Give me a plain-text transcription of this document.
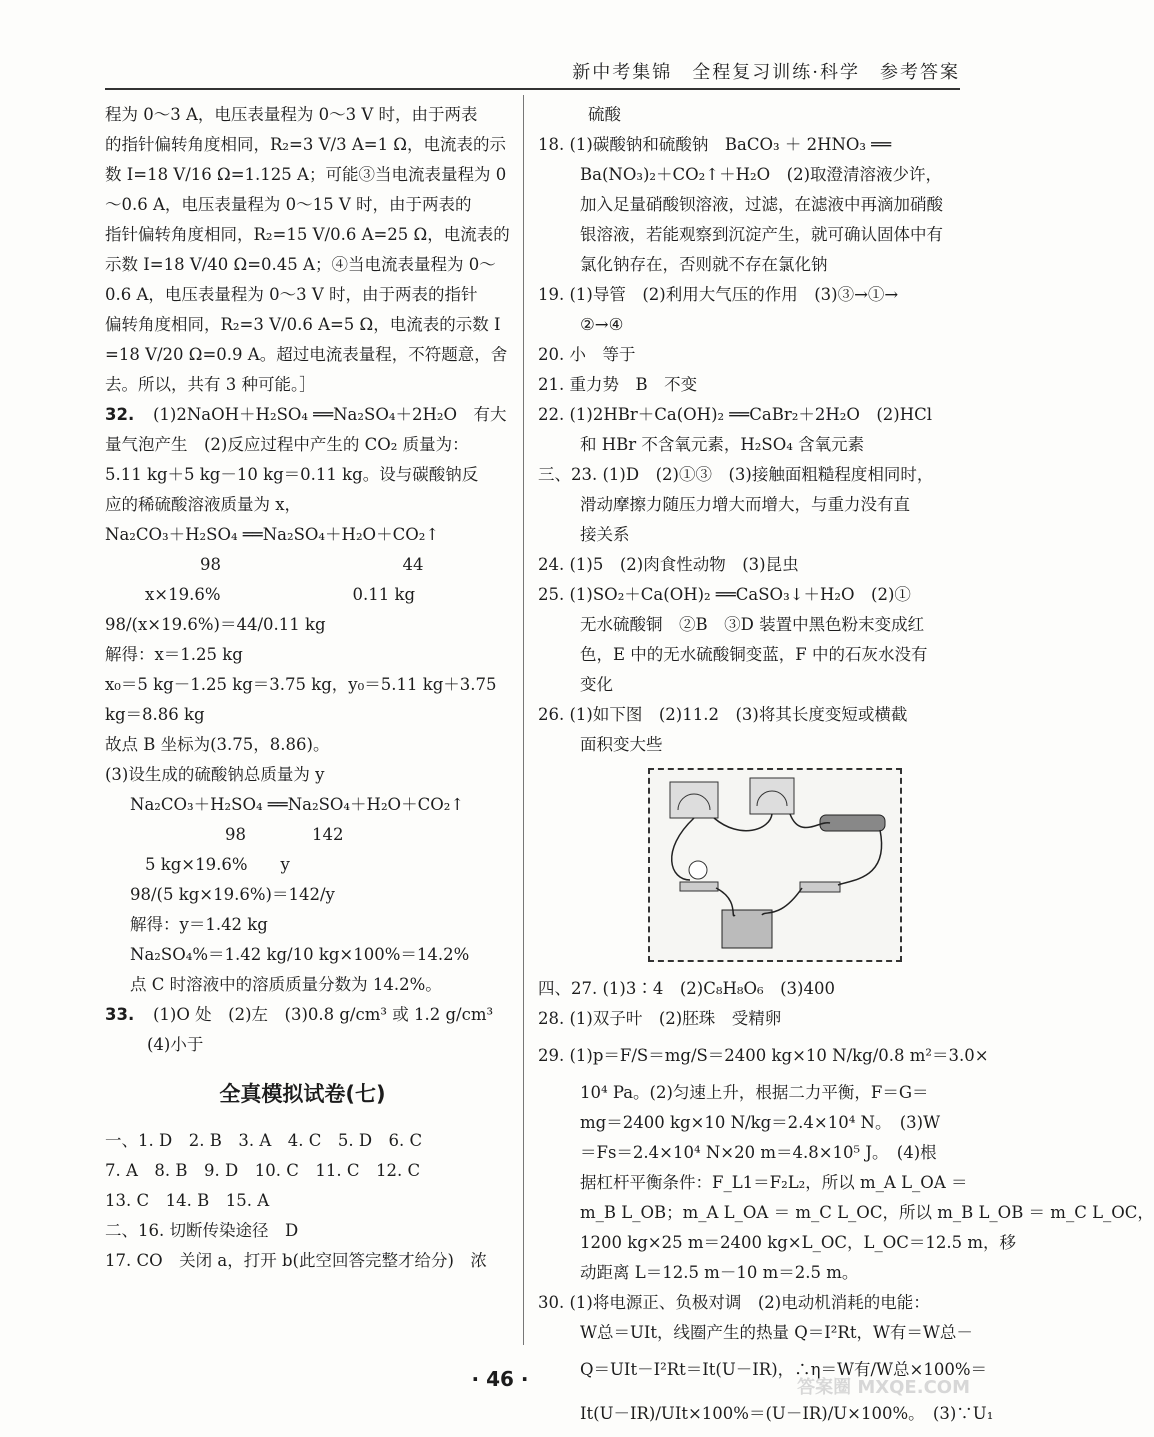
新中考集锦　全程复习训练·科学　参考答案
程为 0～3 A，电压表量程为 0～3 V 时，由于两表
的指针偏转角度相同，R₂=3 V/3 A=1 Ω，电流表的示
数 I=18 V/16 Ω=1.125 A；可能③当电流表量程为 0
～0.6 A，电压表量程为 0～15 V 时，由于两表的
指针偏转角度相同，R₂=15 V/0.6 A=25 Ω，电流表的
示数 I=18 V/40 Ω=0.45 A；④当电流表量程为 0～
0.6 A，电压表量程为 0～3 V 时，由于两表的指针
偏转角度相同，R₂=3 V/0.6 A=5 Ω，电流表的示数 I
=18 V/20 Ω=0.9 A。超过电流表量程，不符题意，舍
去。所以，共有 3 种可能。］
32. (1)2NaOH＋H₂SO₄ ══Na₂SO₄＋2H₂O　有大
量气泡产生　(2)反应过程中产生的 CO₂ 质量为：
5.11 kg＋5 kg－10 kg＝0.11 kg。设与碳酸钠反
应的稀硫酸溶液质量为 x，
Na₂CO₃＋H₂SO₄ ══Na₂SO₄＋H₂O＋CO₂↑
98　　　　　　　　　　　44
x×19.6%　　　　　　　　0.11 kg
98/(x×19.6%)＝44/0.11 kg
解得：x＝1.25 kg
x₀＝5 kg－1.25 kg＝3.75 kg，y₀＝5.11 kg＋3.75
kg＝8.86 kg
故点 B 坐标为(3.75，8.86)。
(3)设生成的硫酸钠总质量为 y
Na₂CO₃＋H₂SO₄ ══Na₂SO₄＋H₂O＋CO₂↑
98　　　　142
5 kg×19.6%　　y
98/(5 kg×19.6%)＝142/y
解得：y＝1.42 kg
Na₂SO₄%＝1.42 kg/10 kg×100%＝14.2%
点 C 时溶液中的溶质质量分数为 14.2%。
33. (1)O 处　(2)左　(3)0.8 g/cm³ 或 1.2 g/cm³
(4)小于
全真模拟试卷(七)
一、1. D　2. B　3. A　4. C　5. D　6. C
7. A　8. B　9. D　10. C　11. C　12. C
13. C　14. B　15. A
二、16. 切断传染途径　D
17. CO　关闭 a，打开 b(此空回答完整才给分)　浓
硫酸
18. (1)碳酸钠和硫酸钠　BaCO₃ ＋ 2HNO₃ ══
Ba(NO₃)₂＋CO₂↑＋H₂O　(2)取澄清溶液少许，
加入足量硝酸钡溶液，过滤，在滤液中再滴加硝酸
银溶液，若能观察到沉淀产生，就可确认固体中有
氯化钠存在，否则就不存在氯化钠
19. (1)导管　(2)利用大气压的作用　(3)③→①→
②→④
20. 小　等于
21. 重力势　B　不变
22. (1)2HBr＋Ca(OH)₂ ══CaBr₂＋2H₂O　(2)HCl
和 HBr 不含氧元素，H₂SO₄ 含氧元素
三、23. (1)D　(2)①③　(3)接触面粗糙程度相同时，
滑动摩擦力随压力增大而增大，与重力没有直
接关系
24. (1)5　(2)肉食性动物　(3)昆虫
25. (1)SO₂＋Ca(OH)₂ ══CaSO₃↓＋H₂O　(2)①
无水硫酸铜　②B　③D 装置中黑色粉末变成红
色，E 中的无水硫酸铜变蓝，F 中的石灰水没有
变化
26. (1)如下图　(2)11.2　(3)将其长度变短或横截
面积变大些
四、27. (1)3∶4　(2)C₈H₈O₆　(3)400
28. (1)双子叶　(2)胚珠　受精卵
29. (1)p＝F/S＝mg/S＝2400 kg×10 N/kg/0.8 m²＝3.0×
10⁴ Pa。(2)匀速上升，根据二力平衡，F＝G＝
mg＝2400 kg×10 N/kg＝2.4×10⁴ N。　(3)W
＝Fs＝2.4×10⁴ N×20 m＝4.8×10⁵ J。　(4)根
据杠杆平衡条件：F_L1＝F₂L₂，所以 m_A L_OA ＝
m_B L_OB；m_A L_OA ＝ m_C L_OC，所以 m_B L_OB ＝ m_C L_OC，
1200 kg×25 m＝2400 kg×L_OC，L_OC＝12.5 m，移
动距离 L＝12.5 m－10 m＝2.5 m。
30. (1)将电源正、负极对调　(2)电动机消耗的电能：
W总＝UIt，线圈产生的热量 Q＝I²Rt，W有＝W总－
Q＝UIt－I²Rt＝It(U－IR)，∴η＝W有/W总×100%＝
It(U－IR)/UIt×100%＝(U－IR)/U×100%。　(3)∵U₁
· 46 ·	答案圈 MXQE.COM
